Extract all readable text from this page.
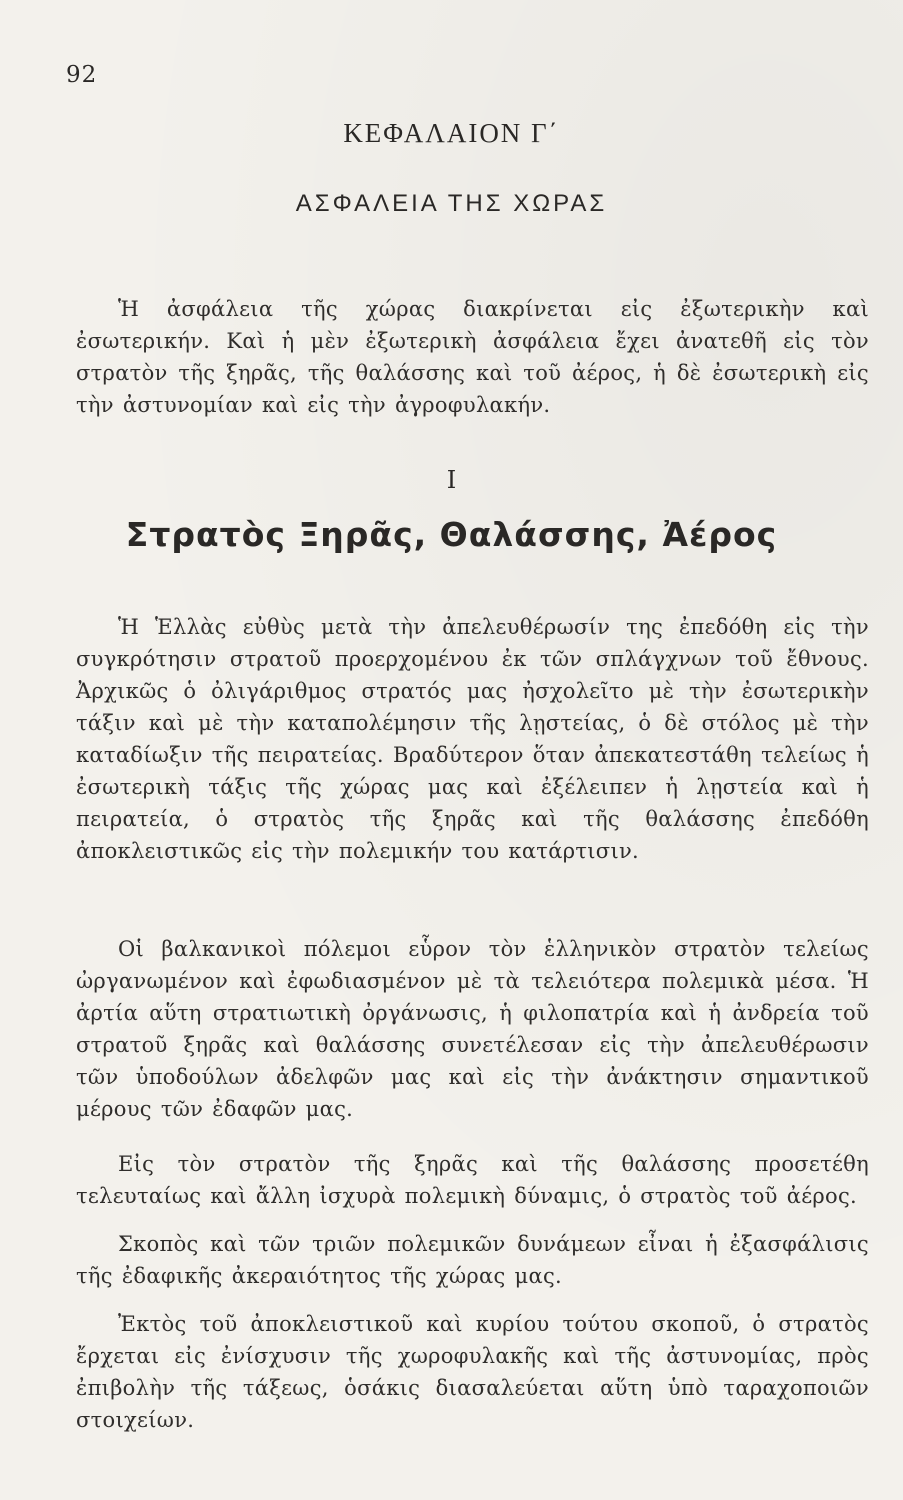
92
ΚΕΦΑΛΑΙΟΝ Γ΄
ΑΣΦΑΛΕΙΑ ΤΗΣ ΧΩΡΑΣ

Ἡ ἀσφάλεια τῆς χώρας διακρίνεται εἰς ἐξωτερικὴν καὶ ἐσωτερικήν. Καὶ ἡ μὲν ἐξωτερικὴ ἀσφάλεια ἔχει ἀνατεθῆ εἰς τὸν στρατὸν τῆς ξηρᾶς, τῆς θαλάσσης καὶ τοῦ ἀέρος, ἡ δὲ ἐσωτερικὴ εἰς τὴν ἀστυνομίαν καὶ εἰς τὴν ἀγροφυλακήν.

I
Στρατὸς Ξηρᾶς, Θαλάσσης, Ἀέρος

Ἡ Ἑλλὰς εὐθὺς μετὰ τὴν ἀπελευθέρωσίν της ἐπεδόθη εἰς τὴν συγκρότησιν στρατοῦ προερχομένου ἐκ τῶν σπλάγχνων τοῦ ἔθνους. Ἀρχικῶς ὁ ὀλιγάριθμος στρατός μας ἠσχολεῖτο μὲ τὴν ἐσωτερικὴν τάξιν καὶ μὲ τὴν καταπολέμησιν τῆς λῃστείας, ὁ δὲ στόλος μὲ τὴν καταδίωξιν τῆς πειρατείας. Βραδύτερον ὅταν ἀπεκατεστάθη τελείως ἡ ἐσωτερικὴ τάξις τῆς χώρας μας καὶ ἐξέλειπεν ἡ λῃστεία καὶ ἡ πειρατεία, ὁ στρατὸς τῆς ξηρᾶς καὶ τῆς θαλάσσης ἐπεδόθη ἀποκλειστικῶς εἰς τὴν πολεμικήν του κατάρτισιν.

Οἱ βαλκανικοὶ πόλεμοι εὗρον τὸν ἑλληνικὸν στρατὸν τελείως ὠργανωμένον καὶ ἐφωδιασμένον μὲ τὰ τελειότερα πολεμικὰ μέσα. Ἡ ἀρτία αὕτη στρατιωτικὴ ὀργάνωσις, ἡ φιλοπατρία καὶ ἡ ἀνδρεία τοῦ στρατοῦ ξηρᾶς καὶ θαλάσσης συνετέλεσαν εἰς τὴν ἀπελευθέρωσιν τῶν ὑποδούλων ἀδελφῶν μας καὶ εἰς τὴν ἀνάκτησιν σημαντικοῦ μέρους τῶν ἐδαφῶν μας.

Εἰς τὸν στρατὸν τῆς ξηρᾶς καὶ τῆς θαλάσσης προσετέθη τελευταίως καὶ ἄλλη ἰσχυρὰ πολεμικὴ δύναμις, ὁ στρατὸς τοῦ ἀέρος.

Σκοπὸς καὶ τῶν τριῶν πολεμικῶν δυνάμεων εἶναι ἡ ἐξασφάλισις τῆς ἐδαφικῆς ἀκεραιότητος τῆς χώρας μας.

Ἐκτὸς τοῦ ἀποκλειστικοῦ καὶ κυρίου τούτου σκοποῦ, ὁ στρατὸς ἔρχεται εἰς ἐνίσχυσιν τῆς χωροφυλακῆς καὶ τῆς ἀστυνομίας, πρὸς ἐπιβολὴν τῆς τάξεως, ὁσάκις διασαλεύεται αὕτη ὑπὸ ταραχοποιῶν στοιχείων.
